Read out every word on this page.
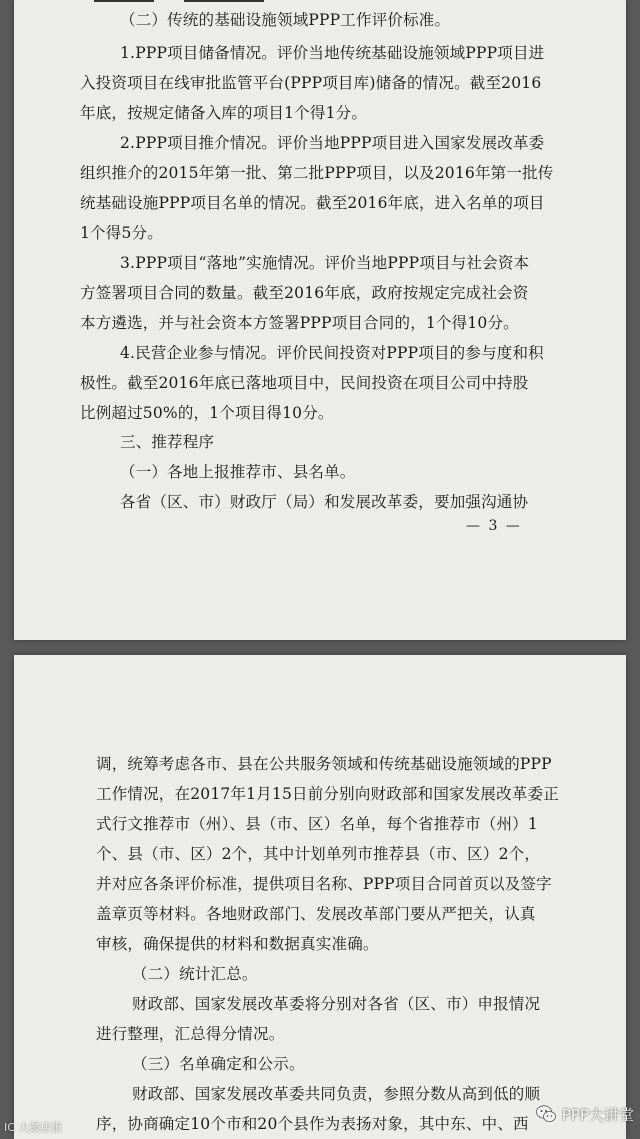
（二）传统的基础设施领域PPP工作评价标准。
1.PPP项目储备情况。评价当地传统基础设施领域PPP项目进
入投资项目在线审批监管平台(PPP项目库)储备的情况。截至2016
年底，按规定储备入库的项目1个得1分。
2.PPP项目推介情况。评价当地PPP项目进入国家发展改革委
组织推介的2015年第一批、第二批PPP项目，以及2016年第一批传
统基础设施PPP项目名单的情况。截至2016年底，进入名单的项目
1个得5分。
3.PPP项目“落地”实施情况。评价当地PPP项目与社会资本
方签署项目合同的数量。截至2016年底，政府按规定完成社会资
本方遴选，并与社会资本方签署PPP项目合同的，1个得10分。
4.民营企业参与情况。评价民间投资对PPP项目的参与度和积
极性。截至2016年底已落地项目中，民间投资在项目公司中持股
比例超过50%的，1个项目得10分。
三、推荐程序
（一）各地上报推荐市、县名单。
各省（区、市）财政厅（局）和发展改革委，要加强沟通协
— 3 —
调，统筹考虑各市、县在公共服务领域和传统基础设施领域的PPP
工作情况，在2017年1月15日前分别向财政部和国家发展改革委正
式行文推荐市（州）、县（市、区）名单，每个省推荐市（州）1
个、县（市、区）2个，其中计划单列市推荐县（市、区）2个，
并对应各条评价标准，提供项目名称、PPP项目合同首页以及签字
盖章页等材料。各地财政部门、发展改革部门要从严把关，认真
审核，确保提供的材料和数据真实准确。
（二）统计汇总。
财政部、国家发展改革委将分别对各省（区、市）申报情况
进行整理，汇总得分情况。
（三）名单确定和公示。
财政部、国家发展改革委共同负责，参照分数从高到低的顺
序，协商确定10个市和20个县作为表扬对象，其中东、中、西
IC 大鼓店报
PPP大讲堂
